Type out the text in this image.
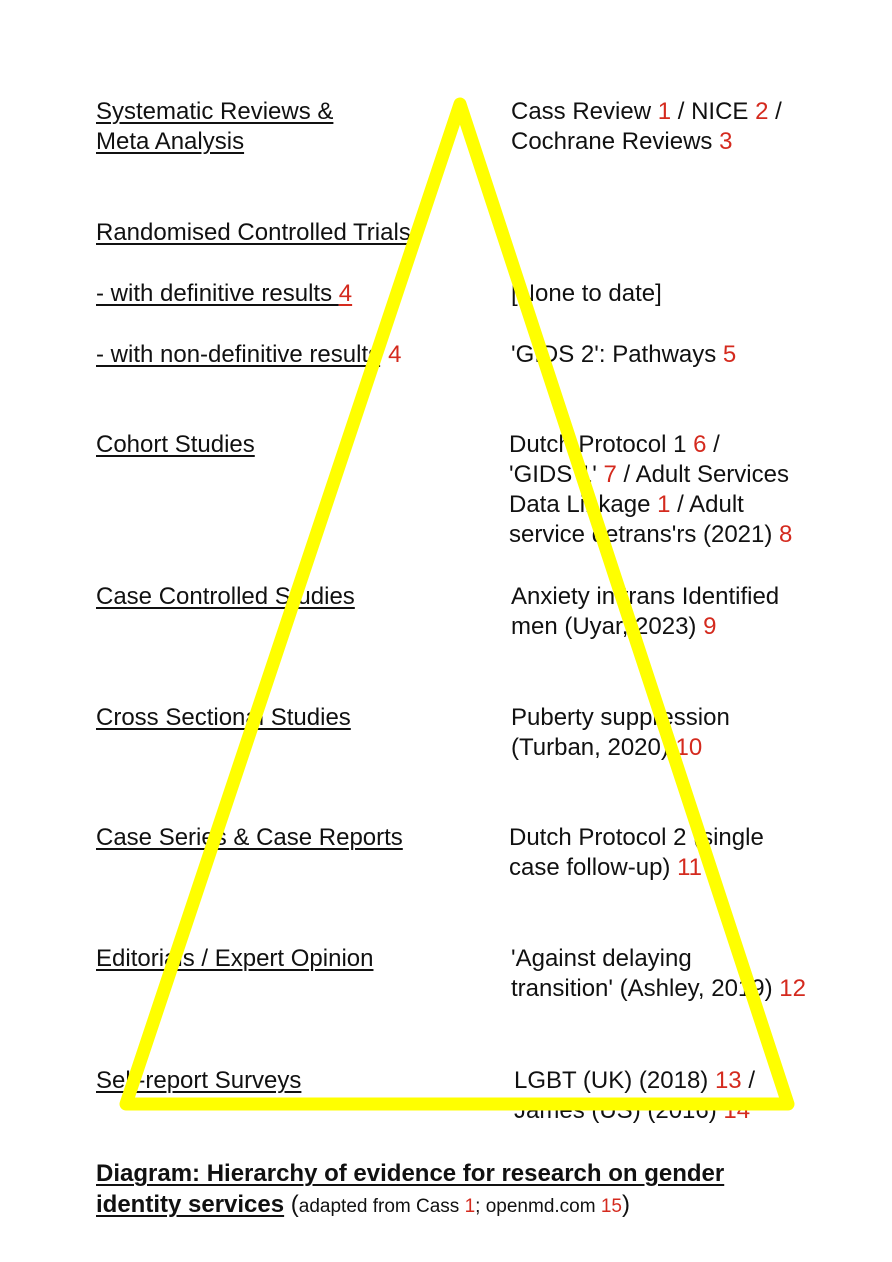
Systematic Reviews &
Meta Analysis
Randomised Controlled Trials:
- with definitive results 4
- with non-definitive results 4
Cohort Studies
Case Controlled Studies
Cross Sectional Studies
Case Series & Case Reports
Editorials / Expert Opinion
Self-report Surveys
Cass Review 1 / NICE 2 /
Cochrane Reviews 3
[None to date]
'GIDS 2': Pathways 5
Dutch Protocol 1 6 /
'GIDS 1' 7 / Adult Services
Data Linkage 1 / Adult
service detrans'rs (2021) 8
Anxiety in trans Identified
men (Uyar, 2023) 9
Puberty suppression
(Turban, 2020) 10
Dutch Protocol 2 (single
case follow-up) 11
'Against delaying
transition' (Ashley, 2019) 12
LGBT (UK) (2018) 13 /
James (US) (2016) 14
Diagram: Hierarchy of evidence for research on gender
identity services (adapted from Cass 1; openmd.com 15)
